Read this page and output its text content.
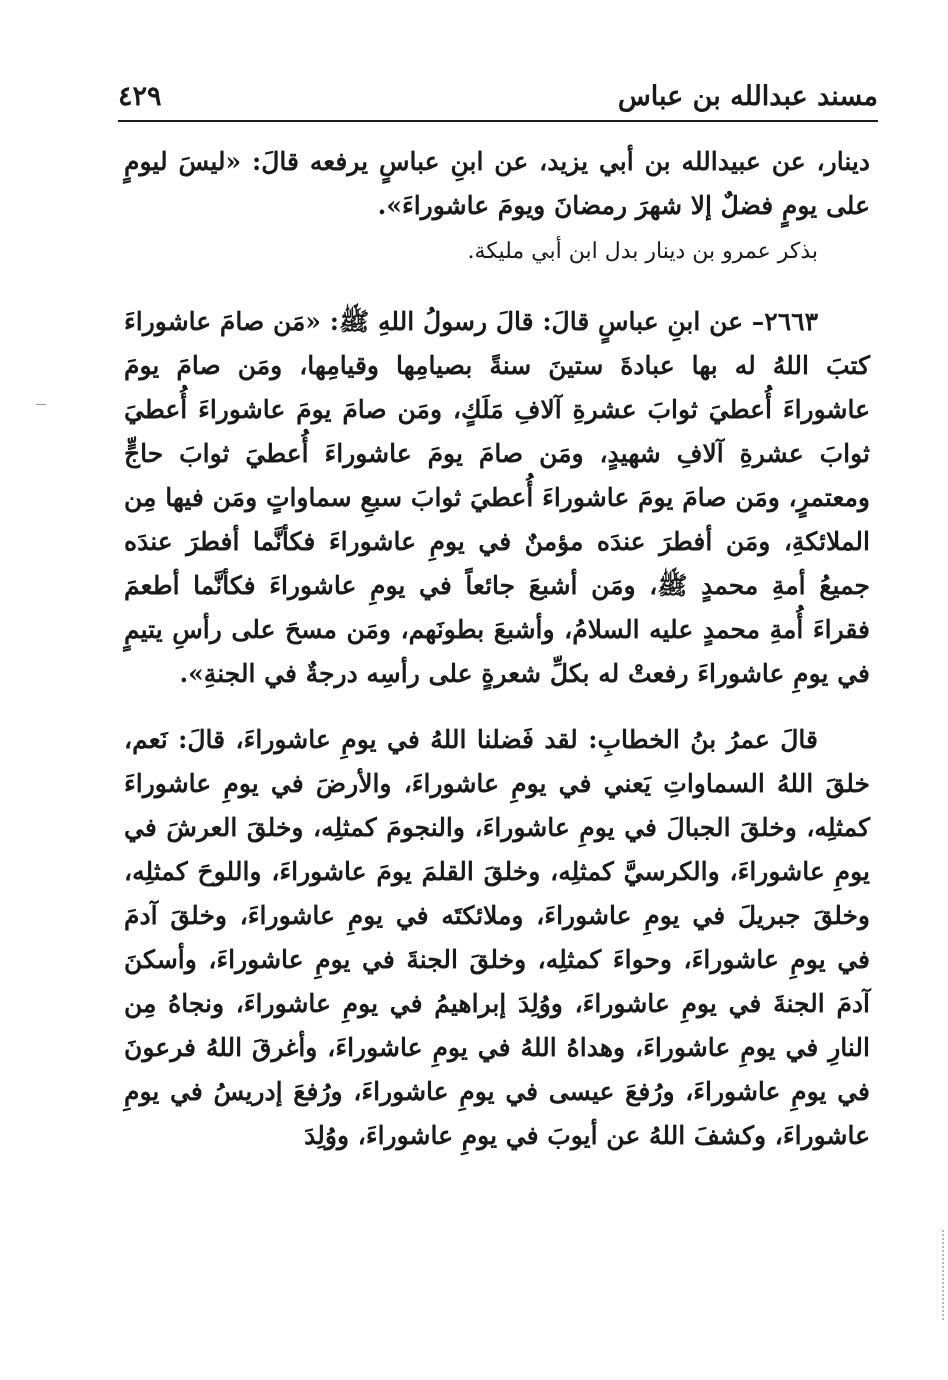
مسند عبدالله بن عباس
٤٢٩

دينار، عن عبيدالله بن أبي يزيد، عن ابنِ عباسٍ يرفعه قالَ: «ليسَ ليومٍ على يومٍ فضلٌ إلا شهرَ رمضانَ ويومَ عاشوراءَ».

بذكر عمرو بن دينار بدل ابن أبي مليكة.

٢٦٦٣– عن ابنِ عباسٍ قالَ: قالَ رسولُ اللهِ ﷺ: «مَن صامَ عاشوراءَ كتبَ اللهُ له بها عبادةَ ستينَ سنةً بصيامِها وقيامِها، ومَن صامَ يومَ عاشوراءَ أُعطيَ ثوابَ عشرةِ آلافِ مَلَكٍ، ومَن صامَ يومَ عاشوراءَ أُعطيَ ثوابَ عشرةِ آلافِ شهيدٍ، ومَن صامَ يومَ عاشوراءَ أُعطيَ ثوابَ حاجٍّ ومعتمرٍ، ومَن صامَ يومَ عاشوراءَ أُعطيَ ثوابَ سبعِ سماواتٍ ومَن فيها مِن الملائكةِ، ومَن أفطرَ عندَه مؤمنٌ في يومِ عاشوراءَ فكأنَّما أفطرَ عندَه جميعُ أمةِ محمدٍ ﷺ، ومَن أشبعَ جائعاً في يومِ عاشوراءَ فكأنَّما أطعمَ فقراءَ أُمةِ محمدٍ عليه السلامُ، وأشبعَ بطونَهم، ومَن مسحَ على رأسِ يتيمٍ في يومِ عاشوراءَ رفعتْ له بكلِّ شعرةٍ على رأسِه درجةٌ في الجنةِ».

قالَ عمرُ بنُ الخطابِ: لقد فَضلنا اللهُ في يومِ عاشوراءَ، قالَ: نَعم، خلقَ اللهُ السماواتِ يَعني في يومِ عاشوراءَ، والأرضَ في يومِ عاشوراءَ كمثلِه، وخلقَ الجبالَ في يومِ عاشوراءَ، والنجومَ كمثلِه، وخلقَ العرشَ في يومِ عاشوراءَ، والكرسيَّ كمثلِه، وخلقَ القلمَ يومَ عاشوراءَ، واللوحَ كمثلِه، وخلقَ جبريلَ في يومِ عاشوراءَ، وملائكتَه في يومِ عاشوراءَ، وخلقَ آدمَ في يومِ عاشوراءَ، وحواءَ كمثلِه، وخلقَ الجنةَ في يومِ عاشوراءَ، وأسكنَ آدمَ الجنةَ في يومِ عاشوراءَ، ووُلِدَ إبراهيمُ في يومِ عاشوراءَ، ونجاهُ مِن النارِ في يومِ عاشوراءَ، وهداهُ اللهُ في يومِ عاشوراءَ، وأغرقَ اللهُ فرعونَ في يومِ عاشوراءَ، ورُفعَ عيسى في يومِ عاشوراءَ، ورُفعَ إدريسُ في يومِ عاشوراءَ، وكشفَ اللهُ عن أيوبَ في يومِ عاشوراءَ، ووُلِدَ
